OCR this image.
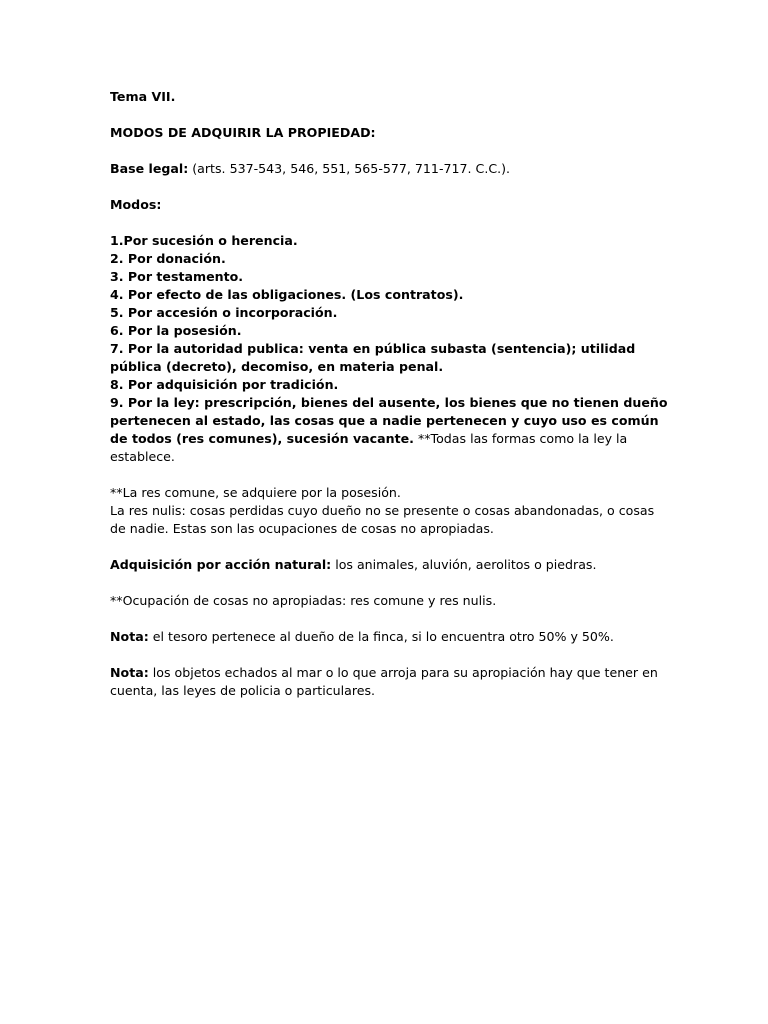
Tema VII.

MODOS DE ADQUIRIR LA PROPIEDAD:

Base legal: (arts. 537-543, 546, 551, 565-577, 711-717. C.C.).

Modos:

1.Por sucesión o herencia.

2. Por donación.

3. Por testamento.

4. Por efecto de las obligaciones. (Los contratos).

5. Por accesión o incorporación.

6. Por la posesión.

7. Por la autoridad publica: venta en pública subasta (sentencia); utilidad pública (decreto), decomiso, en materia penal.

8. Por adquisición por tradición.

9. Por la ley: prescripción, bienes del ausente, los bienes que no tienen dueño pertenecen al estado, las cosas que a nadie pertenecen y cuyo uso es común de todos (res comunes), sucesión vacante. **Todas las formas como la ley la establece.

**La res comune, se adquiere por la posesión.

La res nulis: cosas perdidas cuyo dueño no se presente o cosas abandonadas, o cosas de nadie. Estas son las ocupaciones de cosas no apropiadas.

Adquisición por acción natural: los animales, aluvión, aerolitos o piedras.

**Ocupación de cosas no apropiadas: res comune y res nulis.

Nota: el tesoro pertenece al dueño de la finca, si lo encuentra otro 50% y 50%.

Nota: los objetos echados al mar o lo que arroja para su apropiación hay que tener en cuenta, las leyes de policia o particulares.
